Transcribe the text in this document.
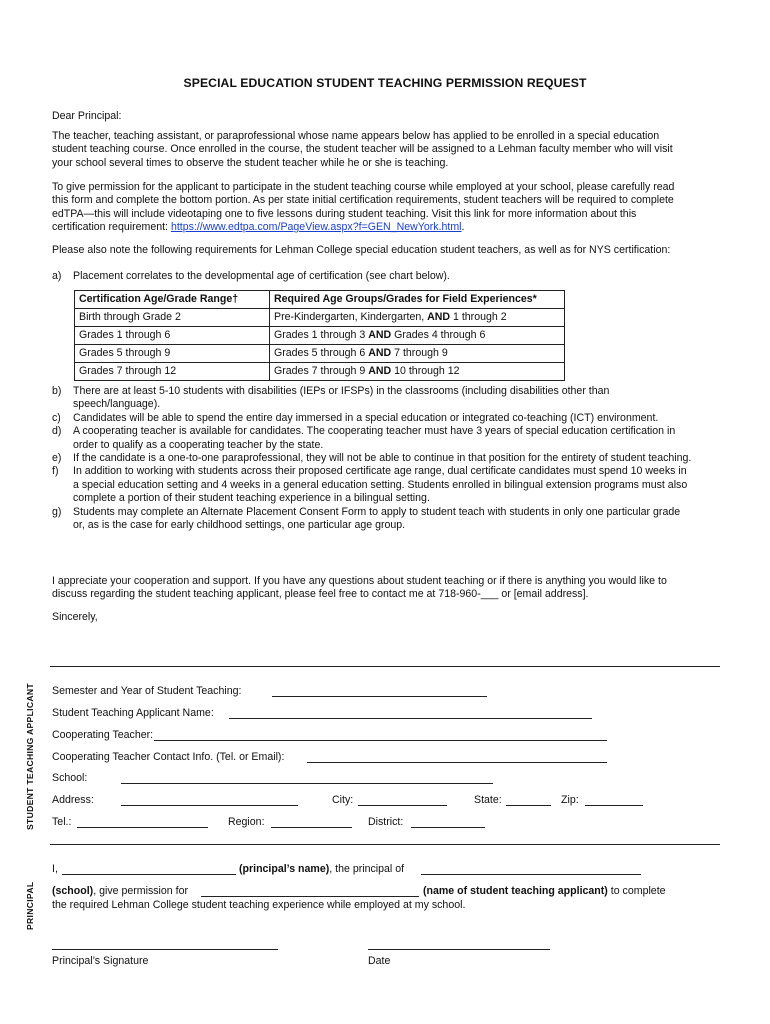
SPECIAL EDUCATION STUDENT TEACHING PERMISSION REQUEST
Dear Principal:
The teacher, teaching assistant, or paraprofessional whose name appears below has applied to be enrolled in a special education student teaching course. Once enrolled in the course, the student teacher will be assigned to a Lehman faculty member who will visit your school several times to observe the student teacher while he or she is teaching.
To give permission for the applicant to participate in the student teaching course while employed at your school, please carefully read this form and complete the bottom portion. As per state initial certification requirements, student teachers will be required to complete edTPA—this will include videotaping one to five lessons during student teaching. Visit this link for more information about this certification requirement: https://www.edtpa.com/PageView.aspx?f=GEN_NewYork.html.
Please also note the following requirements for Lehman College special education student teachers, as well as for NYS certification:
a) Placement correlates to the developmental age of certification (see chart below).
Certification Age/Grade Range†	Required Age Groups/Grades for Field Experiences*
Birth through Grade 2	Pre-Kindergarten, Kindergarten, AND 1 through 2
Grades 1 through 6	Grades 1 through 3 AND Grades 4 through 6
Grades 5 through 9	Grades 5 through 6 AND 7 through 9
Grades 7 through 12	Grades 7 through 9 AND 10 through 12
b) There are at least 5-10 students with disabilities (IEPs or IFSPs) in the classrooms (including disabilities other than speech/language).
c) Candidates will be able to spend the entire day immersed in a special education or integrated co-teaching (ICT) environment.
d) A cooperating teacher is available for candidates. The cooperating teacher must have 3 years of special education certification in order to qualify as a cooperating teacher by the state.
e) If the candidate is a one-to-one paraprofessional, they will not be able to continue in that position for the entirety of student teaching.
f) In addition to working with students across their proposed certificate age range, dual certificate candidates must spend 10 weeks in a special education setting and 4 weeks in a general education setting. Students enrolled in bilingual extension programs must also complete a portion of their student teaching experience in a bilingual setting.
g) Students may complete an Alternate Placement Consent Form to apply to student teach with students in only one particular grade or, as is the case for early childhood settings, one particular age group.
I appreciate your cooperation and support. If you have any questions about student teaching or if there is anything you would like to discuss regarding the student teaching applicant, please feel free to contact me at 718-960-___ or [email address].
Sincerely,
STUDENT TEACHING APPLICANT Semester and Year of Student Teaching:
Student Teaching Applicant Name:
Cooperating Teacher:
Cooperating Teacher Contact Info. (Tel. or Email):
School:
Address:	City:	State:	Zip:
Tel.:	Region:	District:
PRINCIPAL
I,	(principal’s name), the principal of
(school), give permission for	(name of student teaching applicant) to complete
the required Lehman College student teaching experience while employed at my school.
Principal’s Signature	Date
